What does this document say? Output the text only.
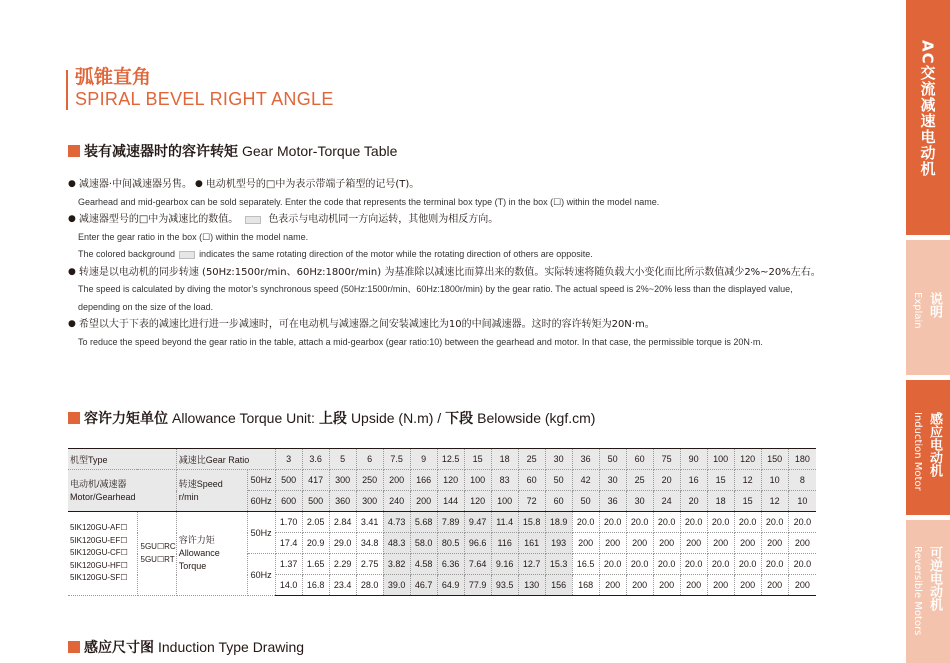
AC交流减速电动机
说明
Explain
感应电动机
Induction Motor
可逆电动机
Reversible Motors
弧锥直角
SPIRAL BEVEL RIGHT ANGLE
装有减速器时的容许转矩 Gear Motor-Torque Table
● 减速器·中间减速器另售。 ● 电动机型号的□中为表示带端子箱型的记号(T)。
Gearhead and mid-gearbox can be sold separately. Enter the code that represents the terminal box type (T) in the box (☐) within the model name.
● 减速器型号的□中为减速比的数值。	色表示与电动机同一方向运转，其他则为相反方向。
Enter the gear ratio in the box (☐) within the model name.
The colored background	indicates the same rotating direction of the motor while the rotating direction of others are opposite.
● 转速是以电动机的同步转速 (50Hz:1500r/min、60Hz:1800r/min) 为基准除以减速比而算出来的数值。实际转速将随负载大小变化而比所示数值减少2%~20%左右。
The speed is calculated by diving the motor’s synchronous speed (50Hz:1500r/min、60Hz:1800r/min) by the gear ratio. The actual speed is 2%~20% less than the displayed value,
depending on the size of the load.
● 希望以大于下表的减速比进行进一步减速时，可在电动机与减速器之间安装减速比为10的中间减速器。这时的容许转矩为20N·m。
To reduce the speed beyond the gear ratio in the table, attach a mid-gearbox (gear ratio:10) between the gearhead and motor. In that case, the permissible torque is 20N·m.
容许力矩单位 Allowance Torque Unit: 上段 Upside (N.m) / 下段 Belowside (kgf.cm)
机型Type		减速比Gear Ratio		3	3.6	5	6	7.5	9	12.5	15	18	25	30	36	50	60	75	90	100	120	150	180
电动机/减速器
Motor/Gearhead		转速Speed
r/min	50Hz	500	417	300	250	200	166	120	100	83	60	50	42	30	25	20	16	15	12	10	8
			60Hz	600	500	360	300	240	200	144	120	100	72	60	50	36	30	24	20	18	15	12	10
5IK120GU-AF☐
5IK120GU-EF☐
5IK120GU-CF☐
5IK120GU-HF☐
5IK120GU-SF☐	5GU☐RC
5GU☐RT	容许力矩
Allowance
Torque	50Hz	1.70	2.05	2.84	3.41	4.73	5.68	7.89	9.47	11.4	15.8	18.9	20.0	20.0	20.0	20.0	20.0	20.0	20.0	20.0	20.0
				17.4	20.9	29.0	34.8	48.3	58.0	80.5	96.6	116	161	193	200	200	200	200	200	200	200	200	200
			60Hz	1.37	1.65	2.29	2.75	3.82	4.58	6.36	7.64	9.16	12.7	15.3	16.5	20.0	20.0	20.0	20.0	20.0	20.0	20.0	20.0
				14.0	16.8	23.4	28.0	39.0	46.7	64.9	77.9	93.5	130	156	168	200	200	200	200	200	200	200	200
感应尺寸图 Induction Type Drawing
